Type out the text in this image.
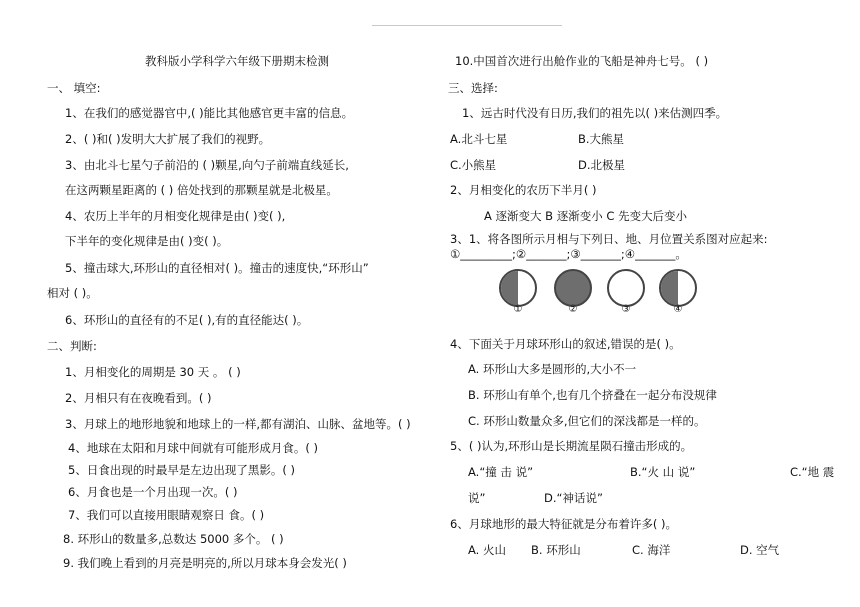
教科版小学科学六年级下册期末检测
一、 填空:
1、在我们的感觉器官中,( )能比其他感官更丰富的信息。
2、( )和( )发明大大扩展了我们的视野。
3、由北斗七星勺子前沿的 ( )颗星,向勺子前端直线延长,
在这两颗星距离的 ( ) 倍处找到的那颗星就是北极星。
4、农历上半年的月相变化规律是由( )变( ),
下半年的变化规律是由( )变( )。
5、撞击球大,环形山的直径相对( )。撞击的速度快,“环形山”
相对 ( )。
6、环形山的直径有的不足( ),有的直径能达( )。
二、判断:
1、月相变化的周期是 30 天 。 ( )
2、月相只有在夜晚看到。( )
3、月球上的地形地貌和地球上的一样,都有湖泊、山脉、盆地等。( )
4、地球在太阳和月球中间就有可能形成月食。( )
5、日食出现的时最早是左边出现了黑影。( )
6、月食也是一个月出现一次。( )
7、我们可以直接用眼睛观察日 食。( )
8. 环形山的数量多,总数达 5000 多个。 ( )
9. 我们晚上看到的月亮是明亮的,所以月球本身会发光( )
10.中国首次进行出舱作业的飞船是神舟七号。 ( )
三、选择:
1、远古时代没有日历,我们的祖先以( )来估测四季。
A.北斗七星	B.大熊星
C.小熊星	D.北极星
2、月相变化的农历下半月( )
A 逐渐变大 B 逐渐变小 C 先变大后变小
3、1、将各图所示月相与下列日、地、月位置关系图对应起来:
①_________;②_______;③_______;④_______。
①	②	③	④
4、下面关于月球环形山的叙述,错误的是( )。
A. 环形山大多是圆形的,大小不一
B. 环形山有单个,也有几个挤叠在一起分布没规律
C. 环形山数量众多,但它们的深浅都是一样的。
5、( )认为,环形山是长期流星陨石撞击形成的。
A.“撞 击 说”	B.“火 山 说”	C.“地 震
说”	D.“神话说”
6、月球地形的最大特征就是分布着许多( )。
A. 火山 B. 环形山	C. 海洋	D. 空气
